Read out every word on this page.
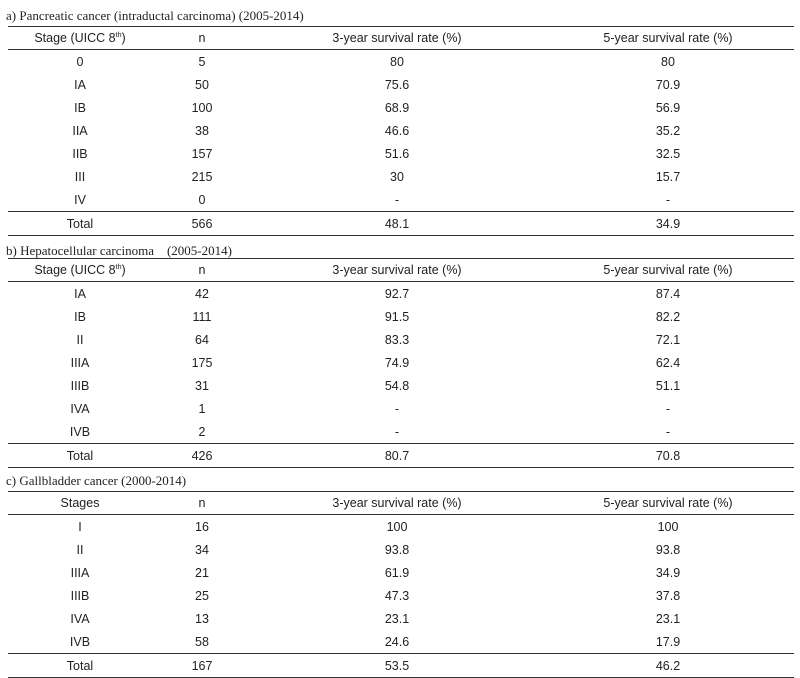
a) Pancreatic cancer (intraductal carcinoma) (2005-2014)
Stage (UICC 8th)	n	3-year survival rate (%)	5-year survival rate (%)
0	5	80	80
IA	50	75.6	70.9
IB	100	68.9	56.9
IIA	38	46.6	35.2
IIB	157	51.6	32.5
III	215	30	15.7
IV	0	-	-
Total	566	48.1	34.9
b) Hepatocellular carcinoma　(2005-2014)
Stage (UICC 8th)	n	3-year survival rate (%)	5-year survival rate (%)
IA	42	92.7	87.4
IB	111	91.5	82.2
II	64	83.3	72.1
IIIA	175	74.9	62.4
IIIB	31	54.8	51.1
IVA	1	-	-
IVB	2	-	-
Total	426	80.7	70.8
c) Gallbladder cancer (2000-2014)
Stages	n	3-year survival rate (%)	5-year survival rate (%)
I	16	100	100
II	34	93.8	93.8
IIIA	21	61.9	34.9
IIIB	25	47.3	37.8
IVA	13	23.1	23.1
IVB	58	24.6	17.9
Total	167	53.5	46.2
